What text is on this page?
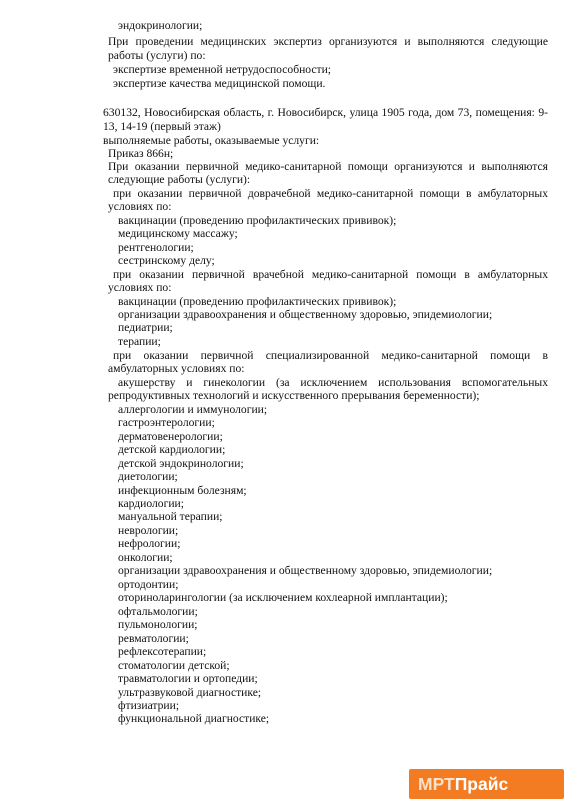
эндокринологии;
При проведении медицинских экспертиз организуются и выполняются следующие
работы (услуги) по:
экспертизе временной нетрудоспособности;
экспертизе качества медицинской помощи.
630132, Новосибирская область, г. Новосибирск, улица 1905 года, дом 73, помещения: 9-
13, 14-19 (первый этаж)
выполняемые работы, оказываемые услуги:
Приказ 866н;
При оказании первичной медико-санитарной помощи организуются и выполняются
следующие работы (услуги):
при оказании первичной доврачебной медико-санитарной помощи в амбулаторных
условиях по:
вакцинации (проведению профилактических прививок);
медицинскому массажу;
рентгенологии;
сестринскому делу;
при оказании первичной врачебной медико-санитарной помощи в амбулаторных
условиях по:
вакцинации (проведению профилактических прививок);
организации здравоохранения и общественному здоровью, эпидемиологии;
педиатрии;
терапии;
при оказании первичной специализированной медико-санитарной помощи в
амбулаторных условиях по:
акушерству и гинекологии (за исключением использования вспомогательных
репродуктивных технологий и искусственного прерывания беременности);
аллергологии и иммунологии;
гастроэнтерологии;
дерматовенерологии;
детской кардиологии;
детской эндокринологии;
диетологии;
инфекционным болезням;
кардиологии;
мануальной терапии;
неврологии;
нефрологии;
онкологии;
организации здравоохранения и общественному здоровью, эпидемиологии;
ортодонтии;
оториноларингологии (за исключением кохлеарной имплантации);
офтальмологии;
пульмонологии;
ревматологии;
рефлексотерапии;
стоматологии детской;
травматологии и ортопедии;
ультразвуковой диагностике;
фтизиатрии;
функциональной диагностике;
МРТПрайс
